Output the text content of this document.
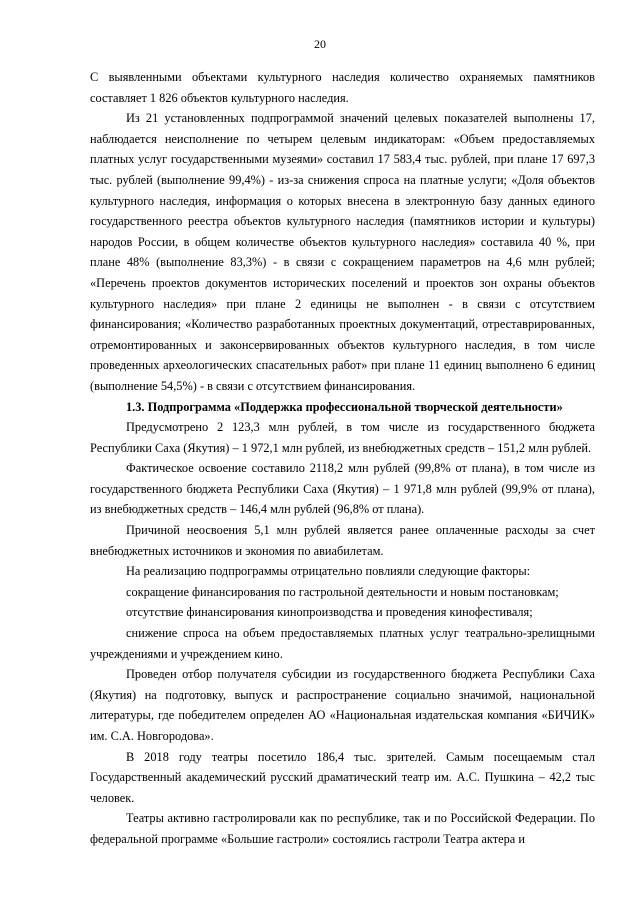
20

С выявленными объектами культурного наследия количество охраняемых памятников составляет 1 826 объектов культурного наследия.

Из 21 установленных подпрограммой значений целевых показателей выполнены 17, наблюдается неисполнение по четырем целевым индикаторам: «Объем предоставляемых платных услуг государственными музеями» составил 17 583,4 тыс. рублей, при плане 17 697,3 тыс. рублей (выполнение 99,4%) - из-за снижения спроса на платные услуги; «Доля объектов культурного наследия, информация о которых внесена в электронную базу данных единого государственного реестра объектов культурного наследия (памятников истории и культуры) народов России, в общем количестве объектов культурного наследия» составила 40 %, при плане 48% (выполнение 83,3%) - в связи с сокращением параметров на 4,6 млн рублей; «Перечень проектов документов исторических поселений и проектов зон охраны объектов культурного наследия» при плане 2 единицы не выполнен - в связи с отсутствием финансирования; «Количество разработанных проектных документаций, отреставрированных, отремонтированных и законсервированных объектов культурного наследия, в том числе проведенных археологических спасательных работ» при плане 11 единиц выполнено 6 единиц (выполнение 54,5%) - в связи с отсутствием финансирования.

1.3. Подпрограмма «Поддержка профессиональной творческой деятельности»

Предусмотрено 2 123,3 млн рублей, в том числе из государственного бюджета Республики Саха (Якутия) – 1 972,1 млн рублей, из внебюджетных средств – 151,2 млн рублей.

Фактическое освоение составило 2118,2 млн рублей (99,8% от плана), в том числе из государственного бюджета Республики Саха (Якутия) – 1 971,8 млн рублей (99,9% от плана), из внебюджетных средств – 146,4 млн рублей (96,8% от плана).

Причиной неосвоения 5,1 млн рублей является ранее оплаченные расходы за счет внебюджетных источников и экономия по авиабилетам.

На реализацию подпрограммы отрицательно повлияли следующие факторы:

сокращение финансирования по гастрольной деятельности и новым постановкам;

отсутствие финансирования кинопроизводства и проведения кинофестиваля;

снижение спроса на объем предоставляемых платных услуг театрально-зрелищными учреждениями и учреждением кино.

Проведен отбор получателя субсидии из государственного бюджета Республики Саха (Якутия) на подготовку, выпуск и распространение социально значимой, национальной литературы, где победителем определен АО «Национальная издательская компания «БИЧИК» им. С.А. Новгородова».

В 2018 году театры посетило 186,4 тыс. зрителей. Самым посещаемым стал Государственный академический русский драматический театр им. А.С. Пушкина – 42,2 тыс человек.

Театры активно гастролировали как по республике, так и по Российской Федерации. По федеральной программе «Большие гастроли» состоялись гастроли Театра актера и
